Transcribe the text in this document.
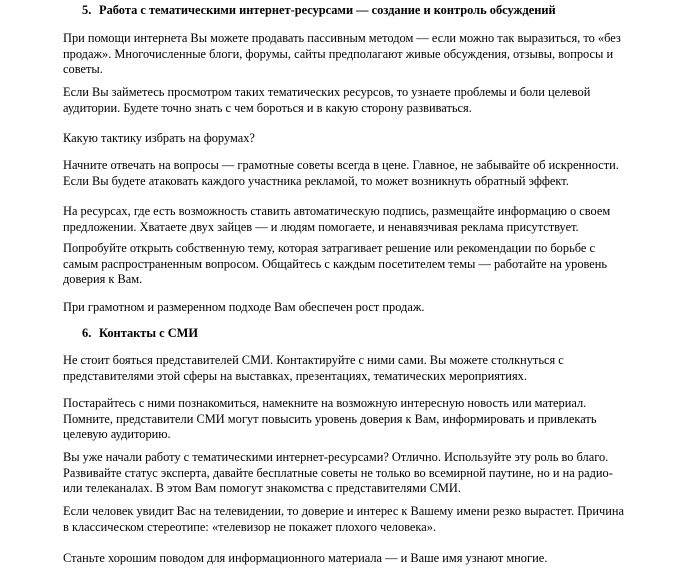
5. Работа с тематическими интернет-ресурсами — создание и контроль обсуждений
При помощи интернета Вы можете продавать пассивным методом — если можно так выразиться, то «без
продаж». Многочисленные блоги, форумы, сайты предполагают живые обсуждения, отзывы, вопросы и
советы.
Если Вы займетесь просмотром таких тематических ресурсов, то узнаете проблемы и боли целевой
аудитории. Будете точно знать с чем бороться и в какую сторону развиваться.
Какую тактику избрать на форумах?
Начните отвечать на вопросы — грамотные советы всегда в цене. Главное, не забывайте об искренности.
Если Вы будете атаковать каждого участника рекламой, то может возникнуть обратный эффект.
На ресурсах, где есть возможность ставить автоматическую подпись, размещайте информацию о своем
предложении. Хватаете двух зайцев — и людям помогаете, и ненавязчивая реклама присутствует.
Попробуйте открыть собственную тему, которая затрагивает решение или рекомендации по борьбе с
самым распространенным вопросом. Общайтесь с каждым посетителем темы — работайте на уровень
доверия к Вам.
При грамотном и размеренном подходе Вам обеспечен рост продаж.
6. Контакты с СМИ
Не стоит бояться представителей СМИ. Контактируйте с ними сами. Вы можете столкнуться с
представителями этой сферы на выставках, презентациях, тематических мероприятиях.
Постарайтесь с ними познакомиться, намекните на возможную интересную новость или материал.
Помните, представители СМИ могут повысить уровень доверия к Вам, информировать и привлекать
целевую аудиторию.
Вы уже начали работу с тематическими интернет-ресурсами? Отлично. Используйте эту роль во благо.
Развивайте статус эксперта, давайте бесплатные советы не только во всемирной паутине, но и на радио-
или телеканалах. В этом Вам помогут знакомства с представителями СМИ.
Если человек увидит Вас на телевидении, то доверие и интерес к Вашему имени резко вырастет. Причина
в классическом стереотипе: «телевизор не покажет плохого человека».
Станьте хорошим поводом для информационного материала — и Ваше имя узнают многие.
